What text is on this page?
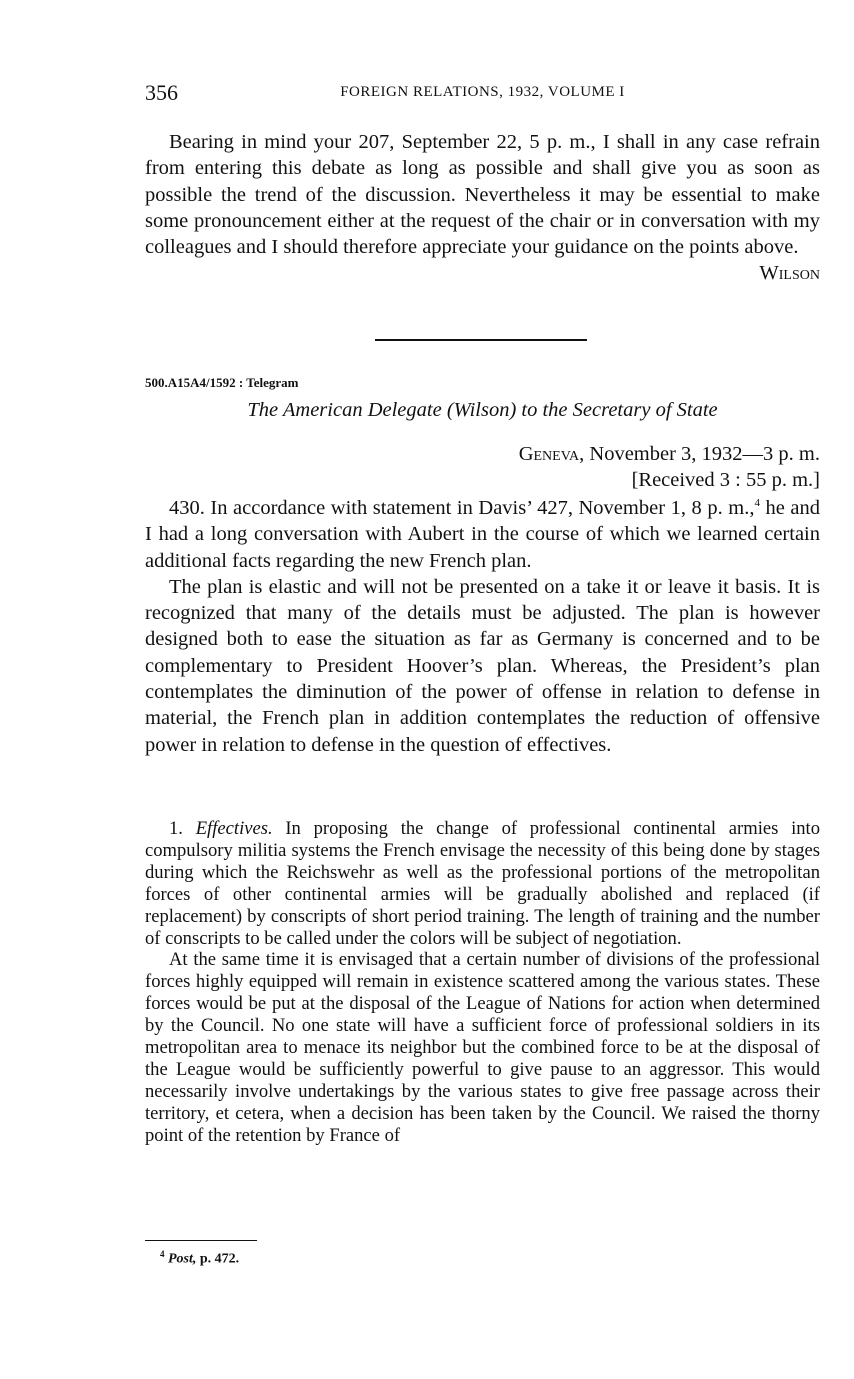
356	FOREIGN RELATIONS, 1932, VOLUME I

Bearing in mind your 207, September 22, 5 p. m., I shall in any case refrain from entering this debate as long as possible and shall give you as soon as possible the trend of the discussion. Nevertheless it may be essential to make some pronouncement either at the request of the chair or in conversation with my colleagues and I should therefore appreciate your guidance on the points above.

Wilson

500.A15A4/1592 : Telegram
The American Delegate (Wilson) to the Secretary of State
Geneva, November 3, 1932—3 p. m.
[Received 3 : 55 p. m.]

430. In accordance with statement in Davis’ 427, November 1, 8 p. m.,$^4$ he and I had a long conversation with Aubert in the course of which we learned certain additional facts regarding the new French plan.

The plan is elastic and will not be presented on a take it or leave it basis. It is recognized that many of the details must be adjusted. The plan is however designed both to ease the situation as far as Germany is concerned and to be complementary to President Hoover’s plan. Whereas, the President’s plan contemplates the diminution of the power of offense in relation to defense in material, the French plan in addition contemplates the reduction of offensive power in relation to defense in the question of effectives.

1. Effectives. In proposing the change of professional continental armies into compulsory militia systems the French envisage the necessity of this being done by stages during which the Reichswehr as well as the professional portions of the metropolitan forces of other continental armies will be gradually abolished and replaced (if replacement) by conscripts of short period training. The length of training and the number of conscripts to be called under the colors will be subject of negotiation.

At the same time it is envisaged that a certain number of divisions of the professional forces highly equipped will remain in existence scattered among the various states. These forces would be put at the disposal of the League of Nations for action when determined by the Council. No one state will have a sufficient force of professional soldiers in its metropolitan area to menace its neighbor but the combined force to be at the disposal of the League would be sufficiently powerful to give pause to an aggressor. This would necessarily involve undertakings by the various states to give free passage across their territory, et cetera, when a decision has been taken by the Council. We raised the thorny point of the retention by France of

$^4$ Post, p. 472.
